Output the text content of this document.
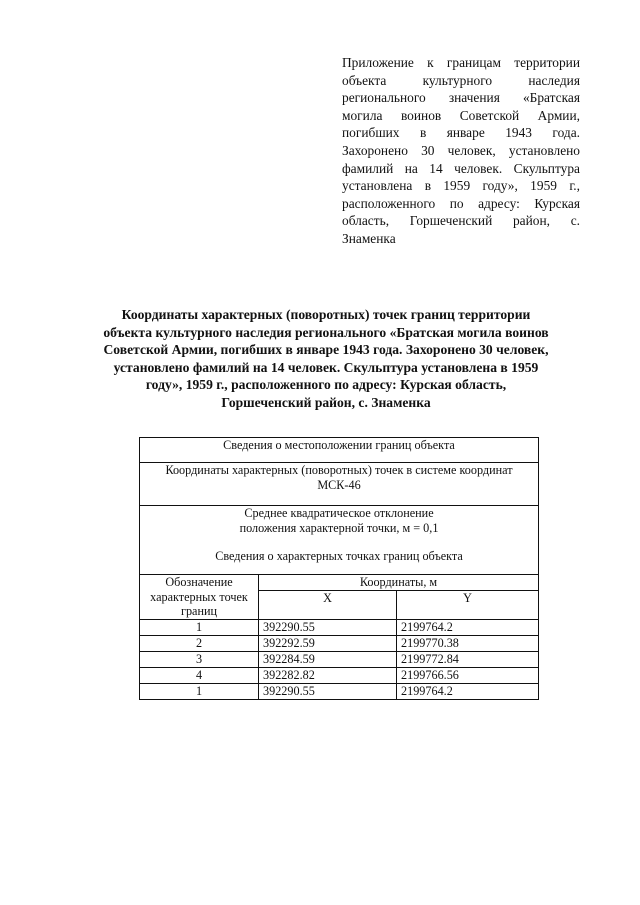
Приложение к границам территории объекта культурного наследия регионального значения «Братская могила воинов Советской Армии, погибших в январе 1943 года. Захоронено 30 человек, установлено фамилий на 14 человек. Скульптура установлена в 1959 году», 1959 г., расположенного по адресу: Курская область, Горшеченский район, с. Знаменка

Координаты характерных (поворотных) точек границ территории объекта культурного наследия регионального «Братская могила воинов Советской Армии, погибших в январе 1943 года. Захоронено 30 человек, установлено фамилий на 14 человек. Скульптура установлена в 1959 году», 1959 г., расположенного по адресу: Курская область, Горшеченский район, с. Знаменка

Сведения о местоположении границ объекта		
Координаты характерных (поворотных) точек в системе координат МСК-46		

Среднее квадратическое отклонение
положения характерной точки, м = 0,1
Сведения о характерных точках границ объекта		

Обозначение характерных точек границ	Координаты, м	
	X	Y
1	392290.55	2199764.2
2	392292.59	2199770.38
3	392284.59	2199772.84
4	392282.82	2199766.56
1	392290.55	2199764.2
